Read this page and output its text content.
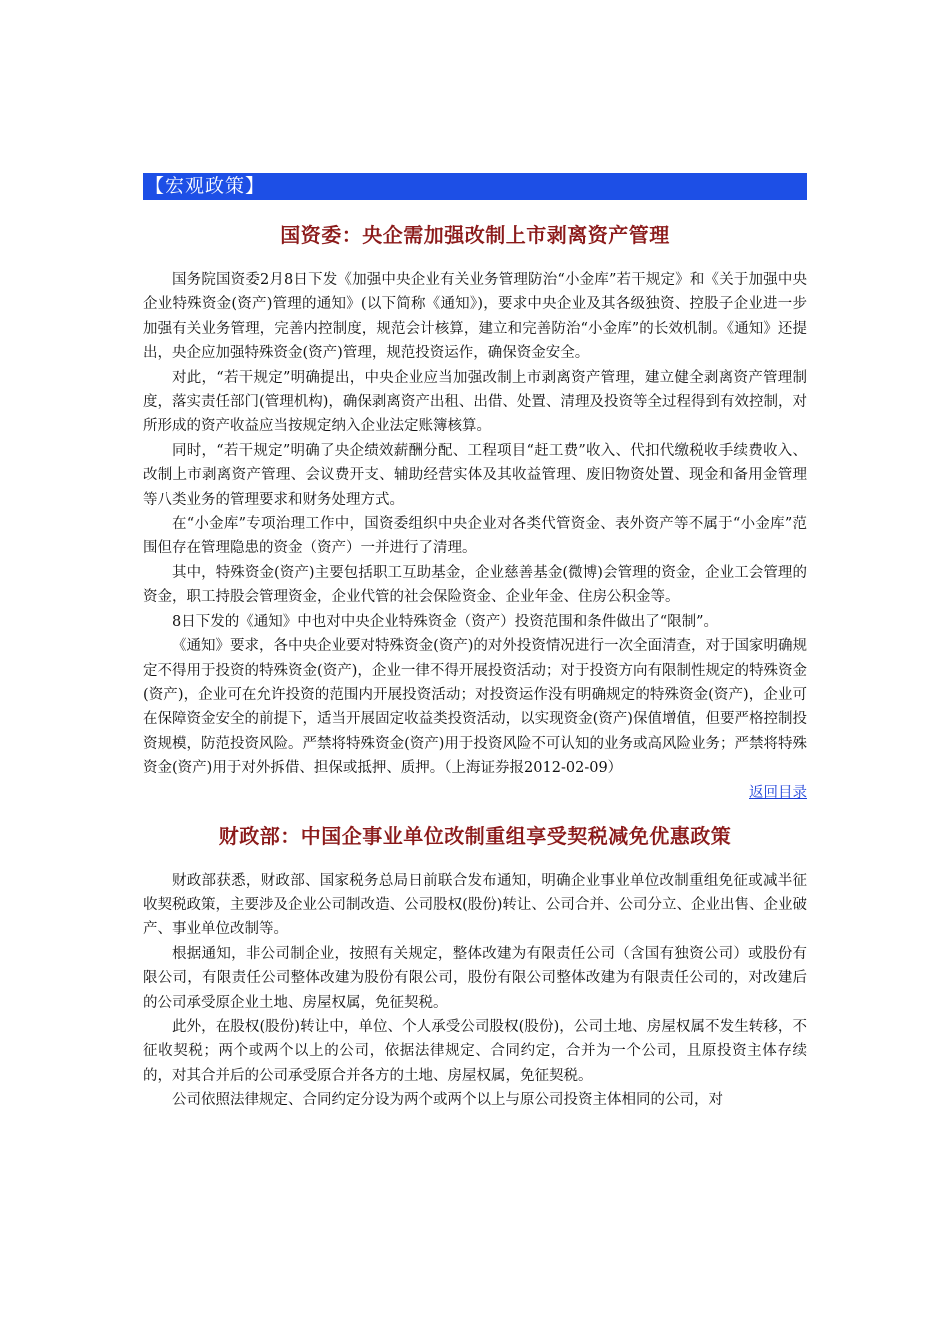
【宏观政策】
国资委：央企需加强改制上市剥离资产管理

国务院国资委2月8日下发《加强中央企业有关业务管理防治“小金库”若干规定》和《关于加强中央企业特殊资金(资产)管理的通知》(以下简称《通知》)，要求中央企业及其各级独资、控股子企业进一步加强有关业务管理，完善内控制度，规范会计核算，建立和完善防治“小金库”的长效机制。《通知》还提出，央企应加强特殊资金(资产)管理，规范投资运作，确保资金安全。

对此，“若干规定”明确提出，中央企业应当加强改制上市剥离资产管理，建立健全剥离资产管理制度，落实责任部门(管理机构)，确保剥离资产出租、出借、处置、清理及投资等全过程得到有效控制，对所形成的资产收益应当按规定纳入企业法定账簿核算。

同时，“若干规定”明确了央企绩效薪酬分配、工程项目“赶工费”收入、代扣代缴税收手续费收入、改制上市剥离资产管理、会议费开支、辅助经营实体及其收益管理、废旧物资处置、现金和备用金管理等八类业务的管理要求和财务处理方式。

在“小金库”专项治理工作中，国资委组织中央企业对各类代管资金、表外资产等不属于“小金库”范围但存在管理隐患的资金（资产）一并进行了清理。

其中，特殊资金(资产)主要包括职工互助基金，企业慈善基金(微博)会管理的资金，企业工会管理的资金，职工持股会管理资金，企业代管的社会保险资金、企业年金、住房公积金等。

8日下发的《通知》中也对中央企业特殊资金（资产）投资范围和条件做出了“限制”。

《通知》要求，各中央企业要对特殊资金(资产)的对外投资情况进行一次全面清查，对于国家明确规定不得用于投资的特殊资金(资产)，企业一律不得开展投资活动；对于投资方向有限制性规定的特殊资金(资产)，企业可在允许投资的范围内开展投资活动；对投资运作没有明确规定的特殊资金(资产)，企业可在保障资金安全的前提下，适当开展固定收益类投资活动，以实现资金(资产)保值增值，但要严格控制投资规模，防范投资风险。严禁将特殊资金(资产)用于投资风险不可认知的业务或高风险业务；严禁将特殊资金(资产)用于对外拆借、担保或抵押、质押。（上海证券报2012-02-09）

返回目录

财政部：中国企事业单位改制重组享受契税减免优惠政策

财政部获悉，财政部、国家税务总局日前联合发布通知，明确企业事业单位改制重组免征或减半征收契税政策，主要涉及企业公司制改造、公司股权(股份)转让、公司合并、公司分立、企业出售、企业破产、事业单位改制等。

根据通知，非公司制企业，按照有关规定，整体改建为有限责任公司（含国有独资公司）或股份有限公司，有限责任公司整体改建为股份有限公司，股份有限公司整体改建为有限责任公司的，对改建后的公司承受原企业土地、房屋权属，免征契税。

此外，在股权(股份)转让中，单位、个人承受公司股权(股份)，公司土地、房屋权属不发生转移，不征收契税；两个或两个以上的公司，依据法律规定、合同约定，合并为一个公司，且原投资主体存续的，对其合并后的公司承受原合并各方的土地、房屋权属，免征契税。

公司依照法律规定、合同约定分设为两个或两个以上与原公司投资主体相同的公司，对
